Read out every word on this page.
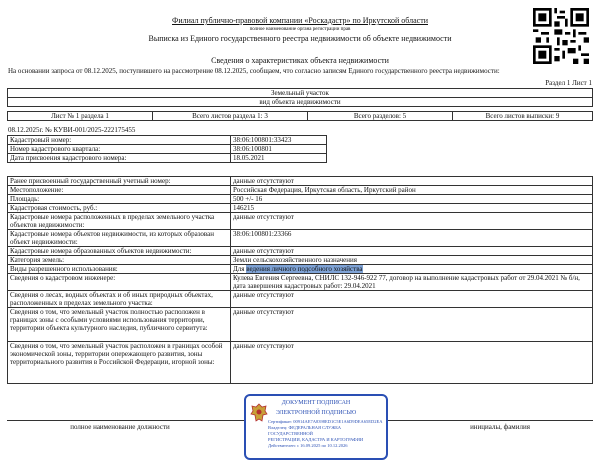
Филиал публично-правовой компании «Роскадастр» по Иркутской области
полное наименование органа регистрации прав
Выписка из Единого государственного реестра недвижимости об объекте недвижимости
Сведения о характеристиках объекта недвижимости
На основании запроса от 08.12.2025, поступившего на рассмотрение 08.12.2025, сообщаем, что согласно записям Единого государственного реестра недвижимости:
Раздел 1 Лист 1
Земельный участок
вид объекта недвижимости

Лист № 1 раздела 1	Всего листов раздела 1: 3	Всего разделов: 5	Всего листов выписки: 9
08.12.2025г. № КУВИ-001/2025-222175455
Кадастровый номер:	38:06:100801:33423
Номер кадастрового квартала:	38:06:100801
Дата присвоения кадастрового номера:	18.05.2021
Ранее присвоенный государственный учетный номер:	данные отсутствуют
Местоположение:	Российская Федерация, Иркутская область, Иркутский район
Площадь:	500 +/- 16
Кадастровая стоимость, руб.:	146215
Кадастровые номера расположенных в пределах земельного участка объектов недвижимости:	данные отсутствуют
Кадастровые номера объектов недвижимости, из которых образован объект недвижимости:	38:06:100801:23366
Кадастровые номера образованных объектов недвижимости:	данные отсутствуют
Категория земель:	Земли сельскохозяйственного назначения
Виды разрешенного использования:	Для ведения личного подсобного хозяйства
Сведения о кадастровом инженере:	Кулева Евгения Сергеевна, СНИЛС 132-946-922 77, договор на выполнение кадастровых работ от 29.04.2021 № б/н, дата завершения кадастровых работ: 29.04.2021
Сведения о лесах, водных объектах и об иных природных объектах, расположенных в пределах земельного участка:	данные отсутствуют
Сведения о том, что земельный участок полностью расположен в границах зоны с особыми условиями использования территории, территории объекта культурного наследия, публичного сервитута:	данные отсутствуют
Сведения о том, что земельный участок расположен в границах особой экономической зоны, территории опережающего развития, зоны территориального развития в Российской Федерации, игорной зоны:	данные отсутствуют
полное наименование должности	инициалы, фамилия
ДОКУМЕНТ ПОДПИСАН
ЭЛЕКТРОННОЙ ПОДПИСЬЮ
Сертификат: 00914AE7A8398ED1C5E1A6D9DEA65ED2EA
Владелец: ФЕДЕРАЛЬНАЯ СЛУЖБА ГОСУДАРСТВЕННОЙ
РЕГИСТРАЦИИ, КАДАСТРА И КАРТОГРАФИИ
Действителен: с 16.09.2025 по 10.12.2026
